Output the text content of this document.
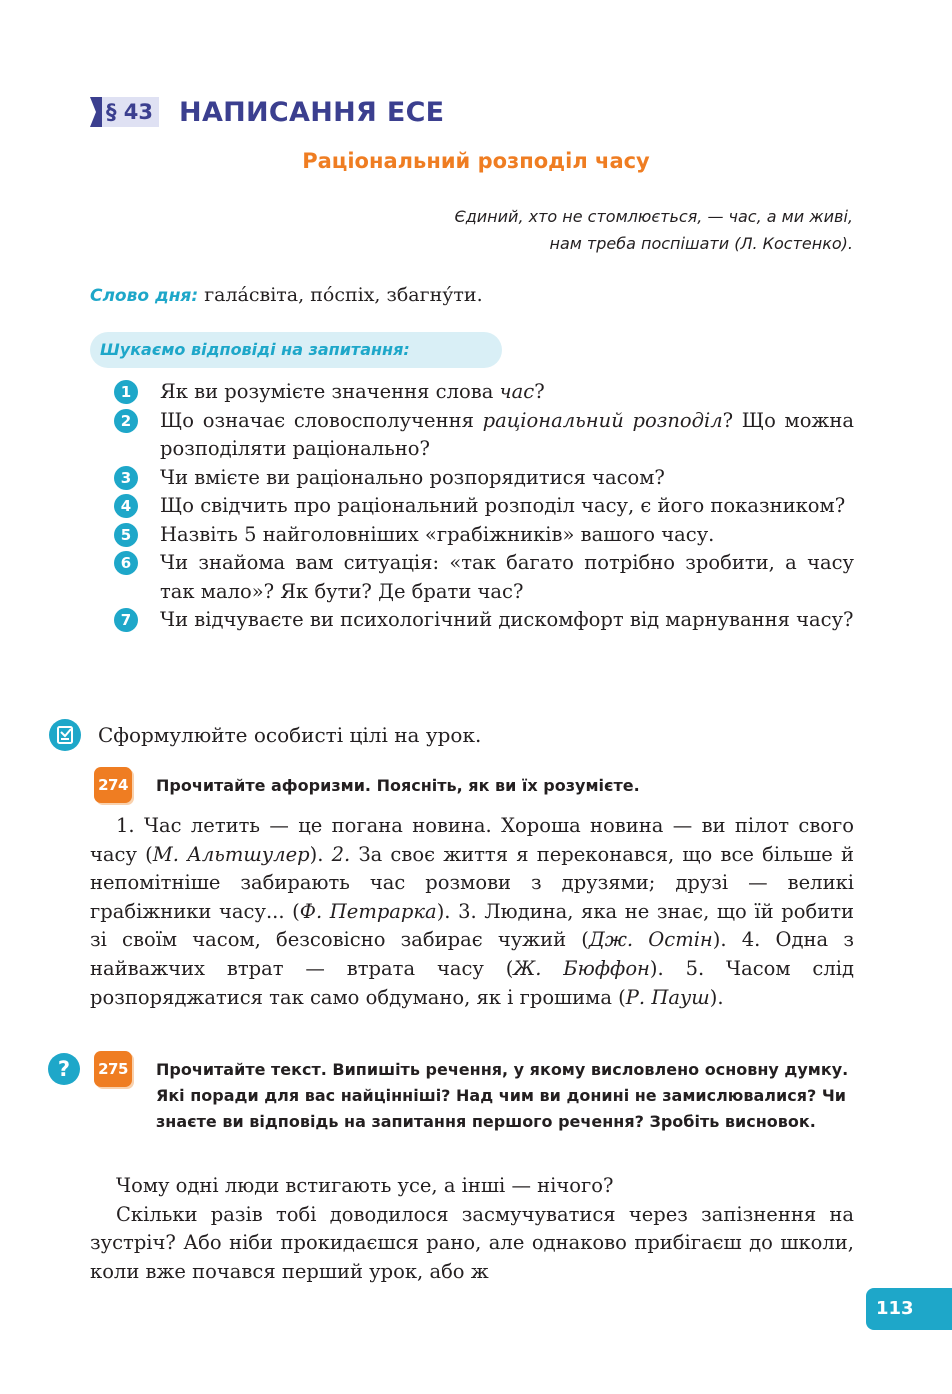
§ 43 НАПИСАННЯ ЕСЕ
Раціональний розподіл часу
Єдиний, хто не стомлюється, — час, а ми живі,
нам треба поспішати (Л. Костенко).
Слово дня: гала́світа, по́спіх, збагну́ти.
Шукаємо відповіді на запитання:
1	Як ви розумієте значення слова час?
2	Що означає словосполучення раціональний розподіл? Що можна розподіляти раціонально?
3	Чи вмієте ви раціонально розпорядитися часом?
4	Що свідчить про раціональний розподіл часу, є його показником?
5	Назвіть 5 найголовніших «грабіжників» вашого часу.
6	Чи знайома вам ситуація: «так багато потрібно зробити, а часу так мало»? Як бути? Де брати час?
7	Чи відчуваєте ви психологічний дискомфорт від марнування часу?
Сформулюйте особисті цілі на урок.
274 Прочитайте афоризми. Поясніть, як ви їх розумієте.
1. Час летить — це погана новина. Хороша новина — ви пілот свого часу (М. Альтшулер). 2. За своє життя я переконався, що все більше й непомітніше забирають час розмови з друзями; друзі — великі грабіжники часу... (Ф. Петрарка). 3. Людина, яка не знає, що їй робити зі своїм часом, безсовісно забирає чужий (Дж. Остін). 4. Одна з найважчих втрат — втрата часу (Ж. Бюффон). 5. Часом слід розпоряджатися так само обдумано, як і грошима (Р. Пауш).
?	275 Прочитайте текст. Випишіть речення, у якому висловлено основну думку. Які поради для вас найцінніші? Над чим ви донині не замислювалися? Чи знаєте ви відповідь на запитання першого речення? Зробіть висновок.

Чому одні люди встигають усе, а інші — нічого?

Скільки разів тобі доводилося засмучуватися через запізнення на зустріч? Або ніби прокидаєшся рано, але однаково прибігаєш до школи, коли вже почався перший урок, або ж

113
